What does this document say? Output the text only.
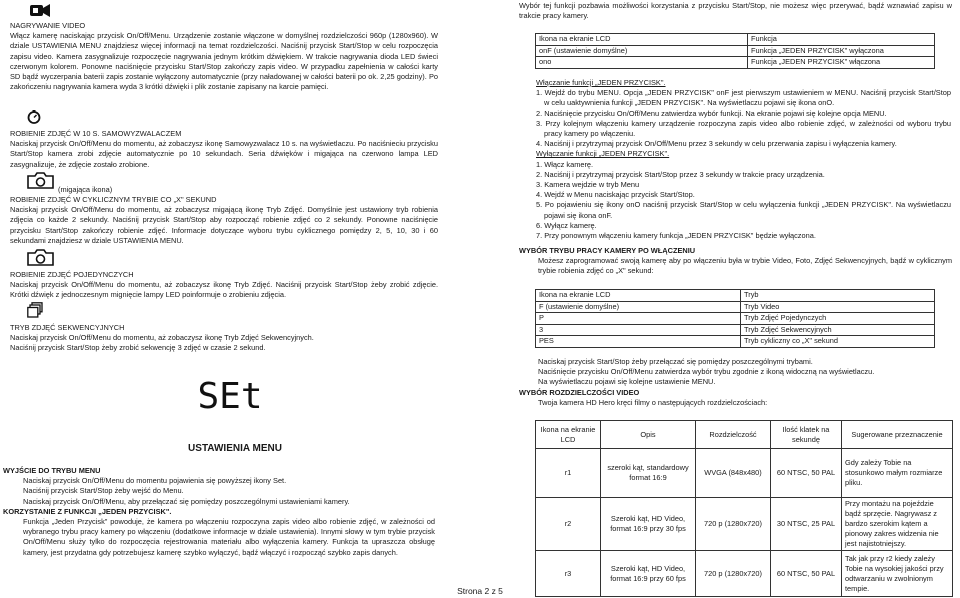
NAGRYWANIE VIDEO

Włącz kamerę naciskając przycisk On/Off/Menu. Urządzenie zostanie włączone w domyślnej rozdzielczości 960p (1280x960). W dziale USTAWIENIA MENU znajdziesz więcej informacji na temat rozdzielczości. Naciśnij przycisk Start/Stop w celu rozpoczęcia zapisu video. Kamera zasygnalizuje rozpoczęcie nagrywania jednym krótkim dźwiękiem. W trakcie nagrywania dioda LED świeci czerwonym kolorem. Ponowne naciśnięcie przycisku Start/Stop zakończy zapis video. W przypadku zapełnienia w całości karty SD bądź wyczerpania baterii zapis zostanie wyłączony automatycznie (przy naładowanej w całości baterii po ok. 2,25 godziny). Po zakończeniu nagrywania kamera wyda 3 krótki dźwięki i plik zostanie zapisany na karcie pamięci.

ROBIENIE ZDJĘĆ W 10 S. SAMOWYZWALACZEM

Naciskaj przycisk On/Off/Menu do momentu, aż zobaczysz ikonę Samowyzwalacz 10 s. na wyświetlaczu. Po naciśnieciu przycisku Start/Stop kamera zrobi zdjęcie automatycznie po 10 sekundach. Seria dźwięków i migająca na czerwono lampa LED zasygnalizuje, że zdjęcie zostało zrobione.

(migająca ikona)

ROBIENIE ZDJĘĆ W CYKLICZNYM TRYBIE CO „X" SEKUND

Naciskaj przycisk On/Off/Menu do momentu, aż zobaczysz migającą ikonę Tryb Zdjęć. Domyślnie jest ustawiony tryb robienia zdjęcia co każde 2 sekundy. Naciśnij przycisk Start/Stop aby rozpocząć robienie zdjęć co 2 sekundy. Ponowne naciśnięcie przycisku Start/Stop zakończy robienie zdjęć. Informacje dotyczące wyboru trybu cyklicznego pomiędzy 2, 5, 10, 30 i 60 sekundami znajdziesz w dziale USTAWIENIA MENU.

ROBIENIE ZDJĘĆ POJEDYNCZYCH

Naciskaj przycisk On/Off/Menu do momentu, aż zobaczysz ikonę Tryb Zdjęć. Naciśnij przycisk Start/Stop żeby zrobić zdjęcie. Krótki dźwięk z jednoczesnym mignięcie lampy LED poinformuje o zrobieniu zdjęcia.

TRYB ZDJĘĆ SEKWENCYJNYCH

Naciskaj przycisk On/Off/Menu do momentu, aż zobaczysz ikonę Tryb Zdjęć Sekwencyjnych.

Naciśnij przycisk Start/Stop żeby zrobić sekwencję 3 zdjęć w czasie 2 sekund.

SEt
USTAWIENIA MENU

WYJŚCIE DO TRYBU MENU

Naciskaj przycisk On/Off/Menu do momentu pojawienia się powyższej ikony Set.

Naciśnij przycisk Start/Stop żeby wejść do Menu.

Naciskaj przycisk On/Off/Menu, aby przełączać się pomiędzy poszczególnymi ustawieniami kamery.

KORZYSTANIE Z FUNKCJI „JEDEN PRZYCISK".

Funkcja „Jeden Przycisk" powoduje, że kamera po włączeniu rozpoczyna zapis video albo robienie zdjęć, w zależności od wybranego trybu pracy kamery po włączeniu (dodatkowe informacje w dziale ustawienia). Innymi słowy w tym trybie przycisk On/Off/Menu służy tylko do rozpoczęcia rejestrowania materiału albo wyłączenia kamery. Funkcja ta upraszcza obsługę kamery, jest przydatna gdy potrzebujesz kamerę szybko wyłączyć, bądź włączyć i rozpocząć szybko zapis danych.

Wybór tej funkcji pozbawia możliwości korzystania z przycisku Start/Stop, nie możesz więc przerywać, bądź wznawiać zapisu w trakcie pracy kamery.

Ikona na ekranie LCD	Funkcja
onF (ustawienie domyślne)	Funkcja „JEDEN PRZYCISK" wyłączona
ono	Funkcja „JEDEN PRZYCISK" włączona

Włączanie funkcji „JEDEN PRZYCISK".

1. Wejdź do trybu MENU. Opcja „JEDEN PRZYCISK" onF jest pierwszym ustawieniem w MENU. Naciśnij przycisk Start/Stop w celu uaktywnienia funkcji „JEDEN PRZYCISK". Na wyświetlaczu pojawi się ikona onO.

2. Naciśnięcie przycisku On/Off/Menu zatwierdza wybór funkcji. Na ekranie pojawi się kolejne opcja MENU.

3. Przy kolejnym włączeniu kamery urządzenie rozpoczyna zapis video albo robienie zdjęć, w zależności od wyboru trybu pracy kamery po włączeniu.

4. Naciśnij i przytrzymaj przycisk On/Off/Menu przez 3 sekundy w celu przerwania zapisu i wyłączenia kamery.

Wyłączanie funkcji „JEDEN PRZYCISK".

1. Włącz kamerę.

2. Naciśnij i przytrzymaj przycisk Start/Stop przez 3 sekundy w trakcie pracy urządzenia.

3. Kamera wejdzie w tryb Menu

4. Wejdź w Menu naciskając przycisk Start/Stop.

5. Po pojawieniu się ikony onO naciśnij przycisk Start/Stop w celu wyłączenia funkcji „JEDEN PRZYCISK". Na wyświetlaczu pojawi się ikona onF.

6. Wyłącz kamerę.

7. Przy ponownym włączeniu kamery funkcja „JEDEN PRZYCISK" będzie wyłączona.

WYBÓR TRYBU PRACY KAMERY PO WŁĄCZENIU

Możesz zaprogramować swoją kamerę aby po włączeniu była w trybie Video, Foto, Zdjęć Sekwencyjnych, bądź w cyklicznym trybie robienia zdjęć co „X" sekund:

Ikona na ekranie LCD	Tryb
F (ustawienie domyślne)	Tryb Video
P	Tryb Zdjęć Pojedynczych
3	Tryb Zdjęć Sekwencyjnych
PES	Tryb cykliczny co „X" sekund

Naciskaj przycisk Start/Stop żeby przełączać się pomiędzy poszczególnymi trybami.

Naciśnięcie przycisku On/Off/Menu zatwierdza wybór trybu zgodnie z ikoną widoczną na wyświetlaczu.

Na wyświetlaczu pojawi się kolejne ustawienie MENU.

WYBÓR ROZDZIELCZOŚCI VIDEO

Twoja kamera HD Hero kręci filmy o następujących rozdzielczościach:

Ikona na ekranie LCD	Opis	Rozdzielczość	Ilość klatek na sekundę	Sugerowane przeznaczenie
r1	szeroki kąt, standardowy format 16:9	WVGA (848x480)	60 NTSC, 50 PAL	Gdy zależy Tobie na stosunkowo małym rozmiarze pliku.
r2	Szeroki kąt, HD Video, format 16:9 przy 30 fps	720 p (1280x720)	30 NTSC, 25 PAL	Przy montażu na pojeździe bądź sprzęcie. Nagrywasz z bardzo szerokim kątem a pionowy zakres widzenia nie jest najistotniejszy.
r3	Szeroki kąt, HD Video, format 16:9 przy 60 fps	720 p (1280x720)	60 NTSC, 50 PAL	Tak jak przy r2 kiedy zależy Tobie na wysokiej jakości przy odtwarzaniu w zwolnionym tempie.
Strona 2 z 5
